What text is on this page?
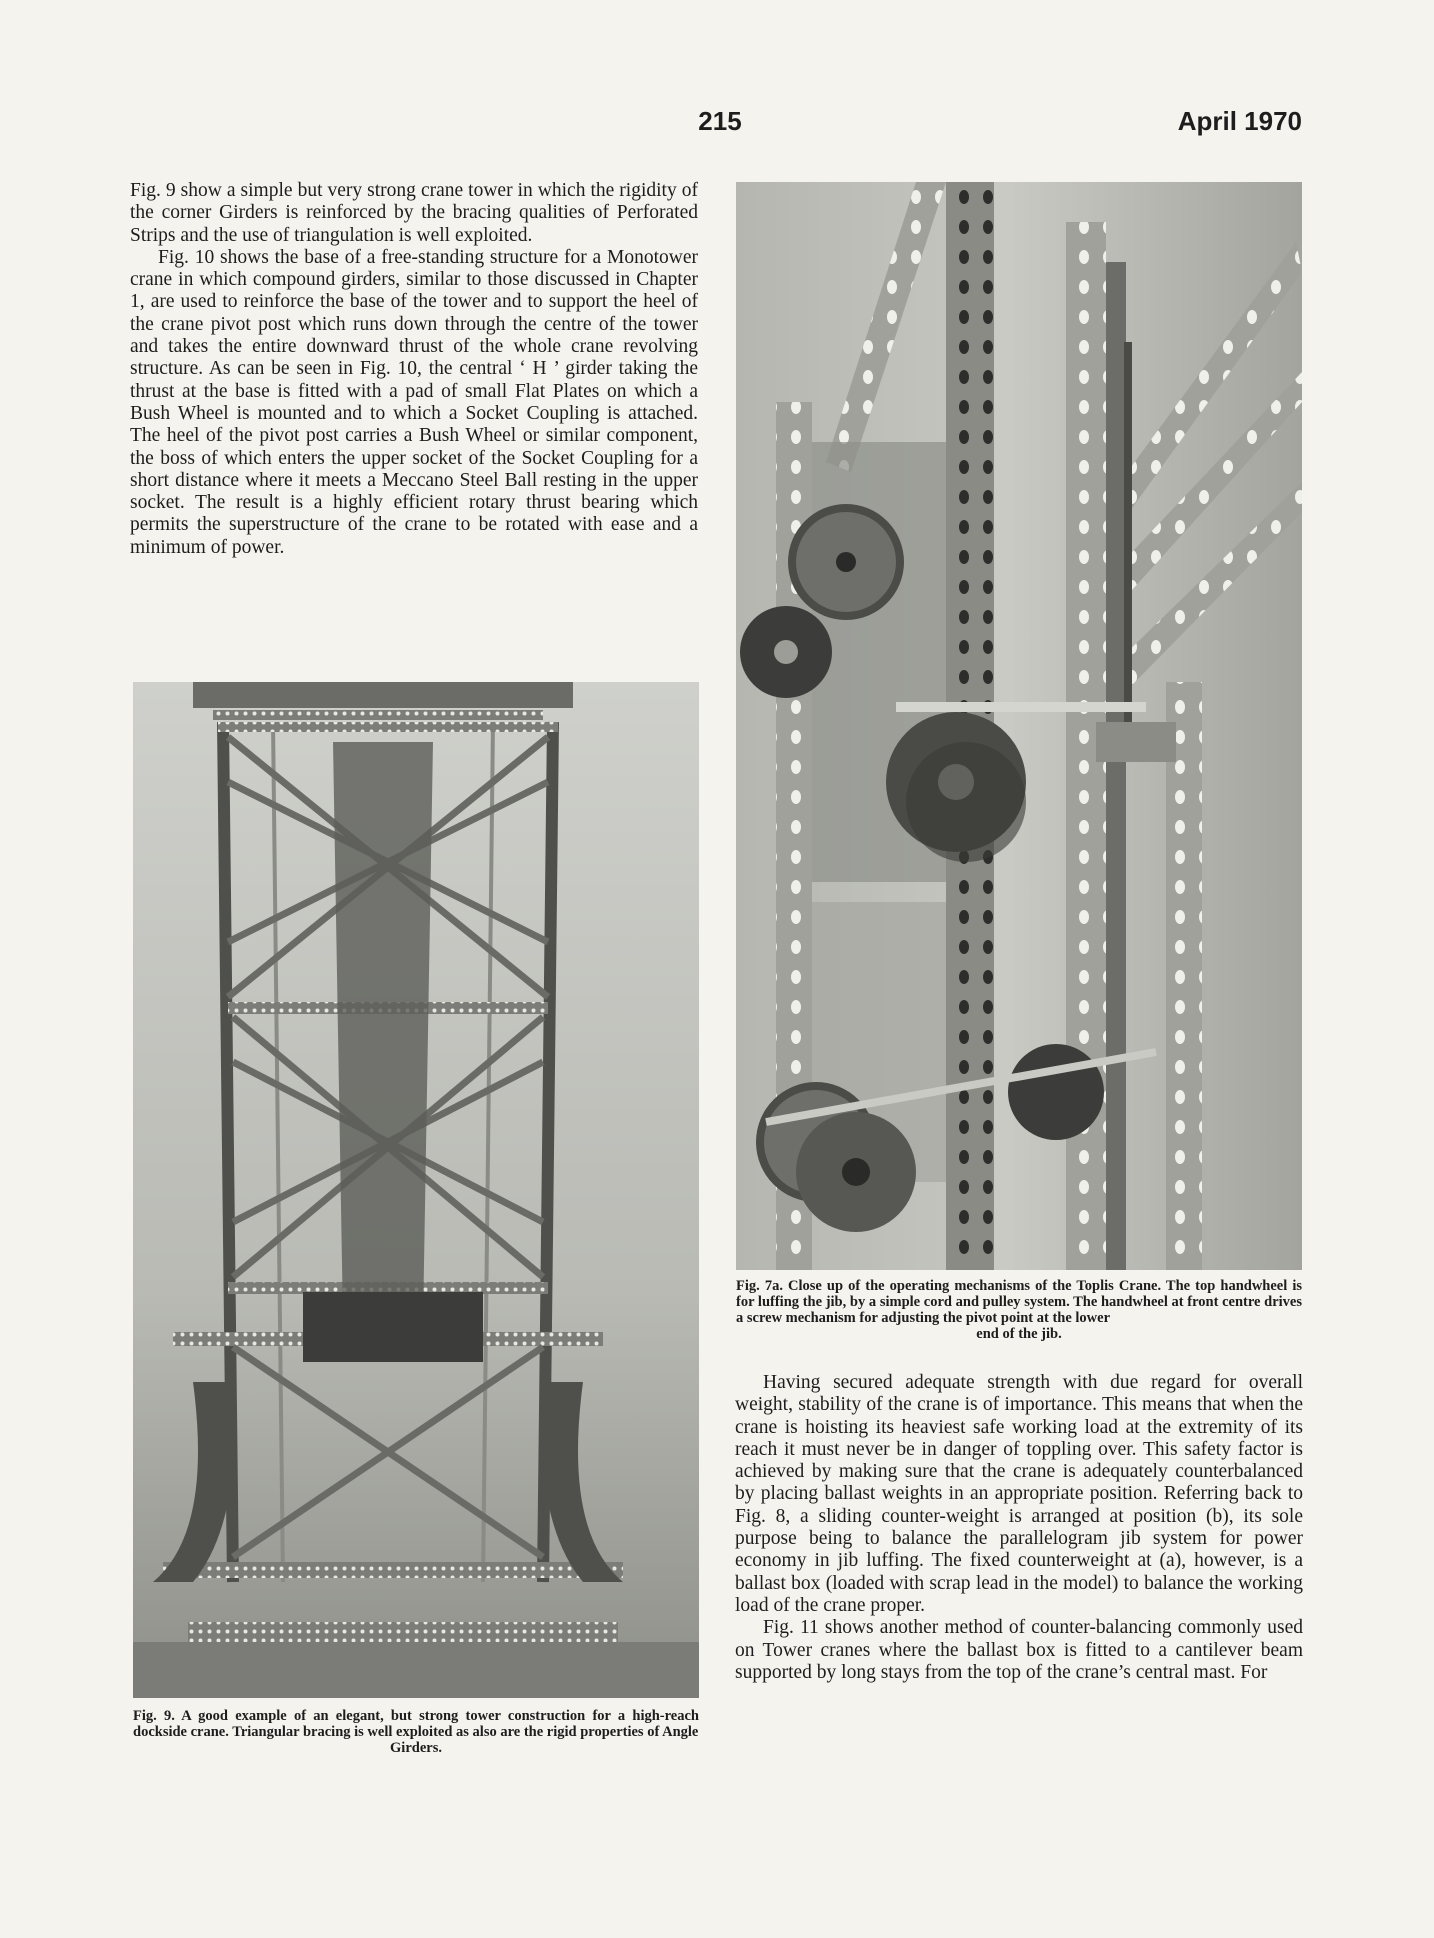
215	April 1970

Fig. 9 show a simple but very strong crane tower in which the rigidity of the corner Girders is reinforced by the bracing qualities of Perforated Strips and the use of triangulation is well exploited.

Fig. 10 shows the base of a free-standing structure for a Monotower crane in which compound girders, similar to those discussed in Chapter 1, are used to reinforce the base of the tower and to support the heel of the crane pivot post which runs down through the centre of the tower and takes the entire downward thrust of the whole crane revolving structure. As can be seen in Fig. 10, the central ‘ H ’ girder taking the thrust at the base is fitted with a pad of small Flat Plates on which a Bush Wheel is mounted and to which a Socket Coupling is attached. The heel of the pivot post carries a Bush Wheel or similar component, the boss of which enters the upper socket of the Socket Coupling for a short distance where it meets a Meccano Steel Ball resting in the upper socket. The result is a highly efficient rotary thrust bearing which permits the superstructure of the crane to be rotated with ease and a minimum of power.

Fig. 9. A good example of an elegant, but strong tower construction for a high-reach dockside crane. Triangular bracing is well exploited as also are the rigid properties of Angle
Girders.

Fig. 7a. Close up of the operating mechanisms of the Toplis Crane. The top handwheel is for luffing the jib, by a simple cord and pulley system. The handwheel at front centre drives a screw mechanism for adjusting the pivot point at the lower
end of the jib.

Having secured adequate strength with due regard for overall weight, stability of the crane is of importance. This means that when the crane is hoisting its heaviest safe working load at the extremity of its reach it must never be in danger of toppling over. This safety factor is achieved by making sure that the crane is adequately counterbalanced by placing ballast weights in an appropriate position. Referring back to Fig. 8, a sliding counter-weight is arranged at position (b), its sole purpose being to balance the parallelogram jib system for power economy in jib luffing. The fixed counterweight at (a), however, is a ballast box (loaded with scrap lead in the model) to balance the working load of the crane proper.

Fig. 11 shows another method of counter-balancing commonly used on Tower cranes where the ballast box is fitted to a cantilever beam supported by long stays from the top of the crane’s central mast. For
